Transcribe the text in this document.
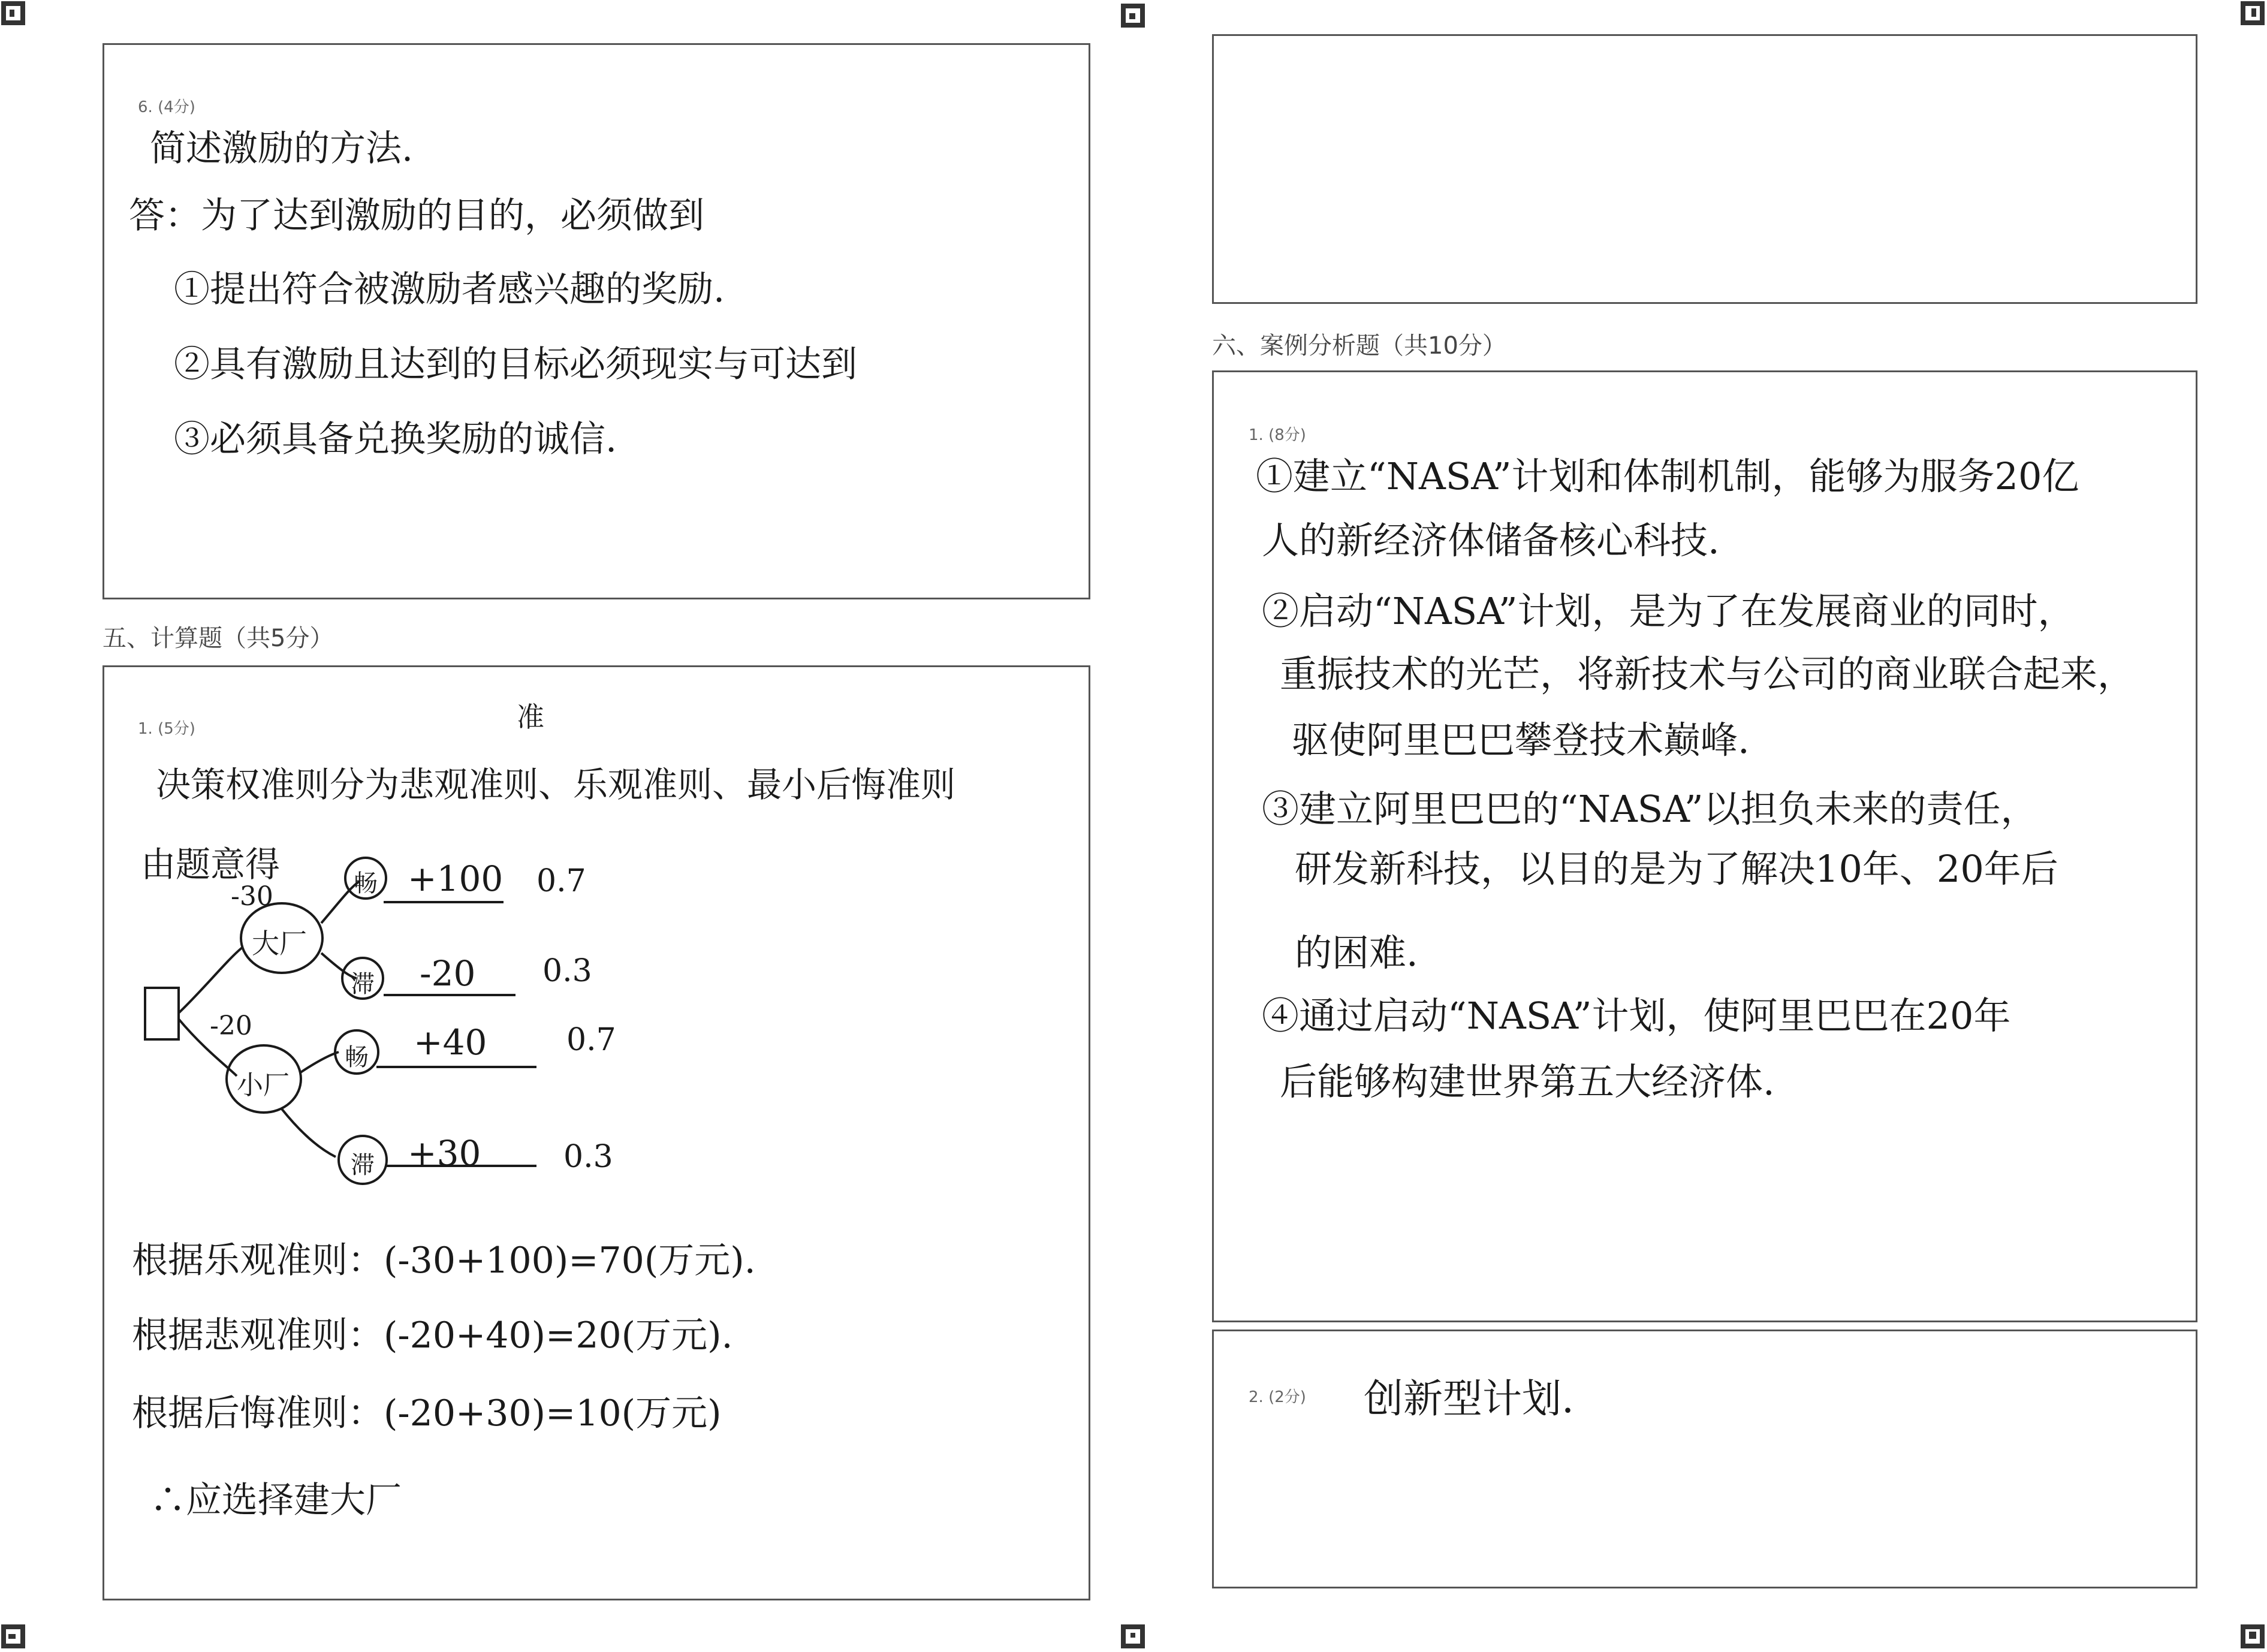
6. (4分)
简述激励的方法.
答：为了达到激励的目的，必须做到
①提出符合被激励者感兴趣的奖励.
②具有激励且达到的目标必须现实与可达到
③必须具备兑换奖励的诚信.
五、计算题（共5分）
1. (5分)
决策权准则分为悲观准则、乐观准则、最小后悔准则
准
由题意得
-30
-20
大厂
小厂
畅
滞
畅
滞
+100
-20
+40
+30
0.7
0.3
0.7
0.3
根据乐观准则：(-30+100)=70(万元).
根据悲观准则：(-20+40)=20(万元).
根据后悔准则：(-20+30)=10(万元)
∴应选择建大厂
六、案例分析题（共10分）
1. (8分)
①建立“NASA”计划和体制机制，能够为服务20亿
人的新经济体储备核心科技.
②启动“NASA”计划，是为了在发展商业的同时，
重振技术的光芒，将新技术与公司的商业联合起来，
驱使阿里巴巴攀登技术巅峰.
③建立阿里巴巴的“NASA”以担负未来的责任，
研发新科技，以目的是为了解决10年、20年后
的困难.
④通过启动“NASA”计划，使阿里巴巴在20年
后能够构建世界第五大经济体.
2. (2分) 创新型计划.
